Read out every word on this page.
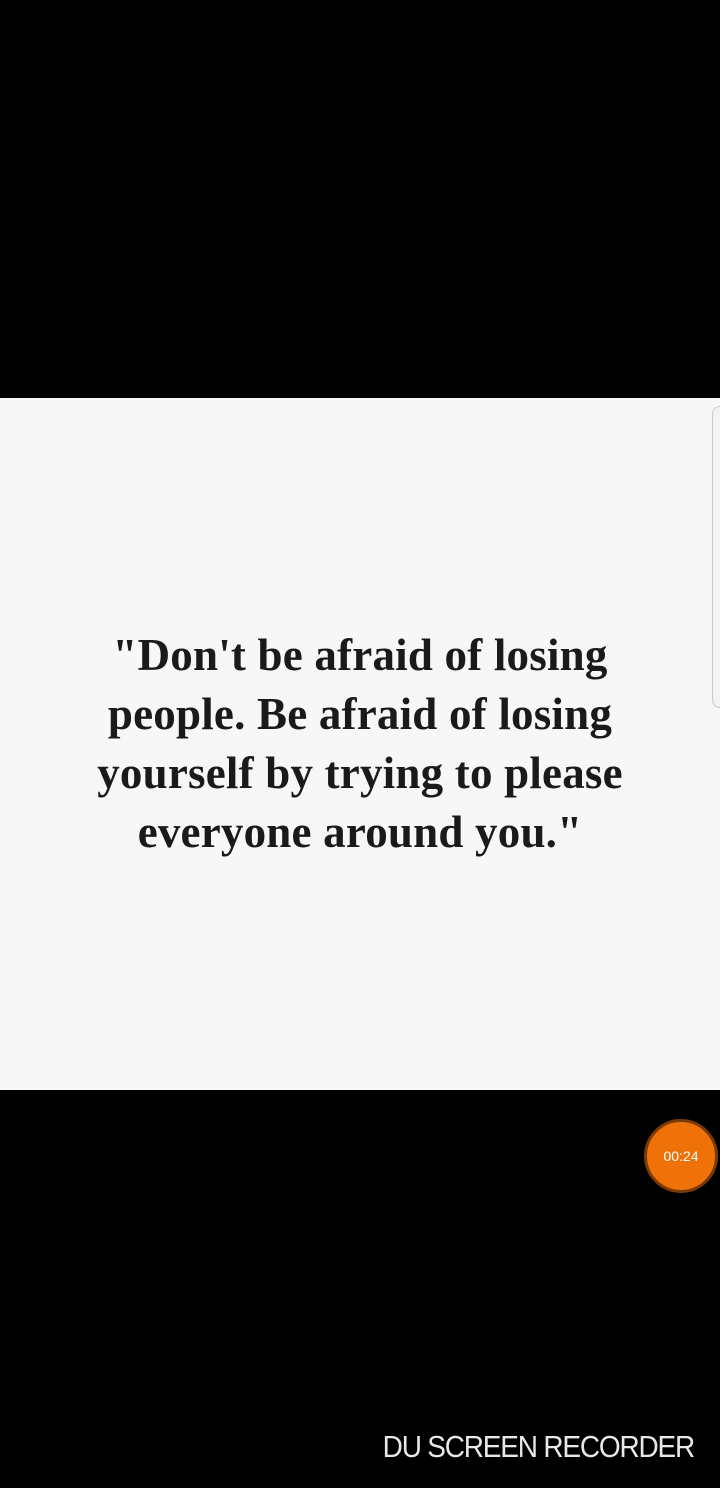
"Don't be afraid of losing
people. Be afraid of losing
yourself by trying to please
everyone around you."

00:24
DU SCREEN RECORDER
